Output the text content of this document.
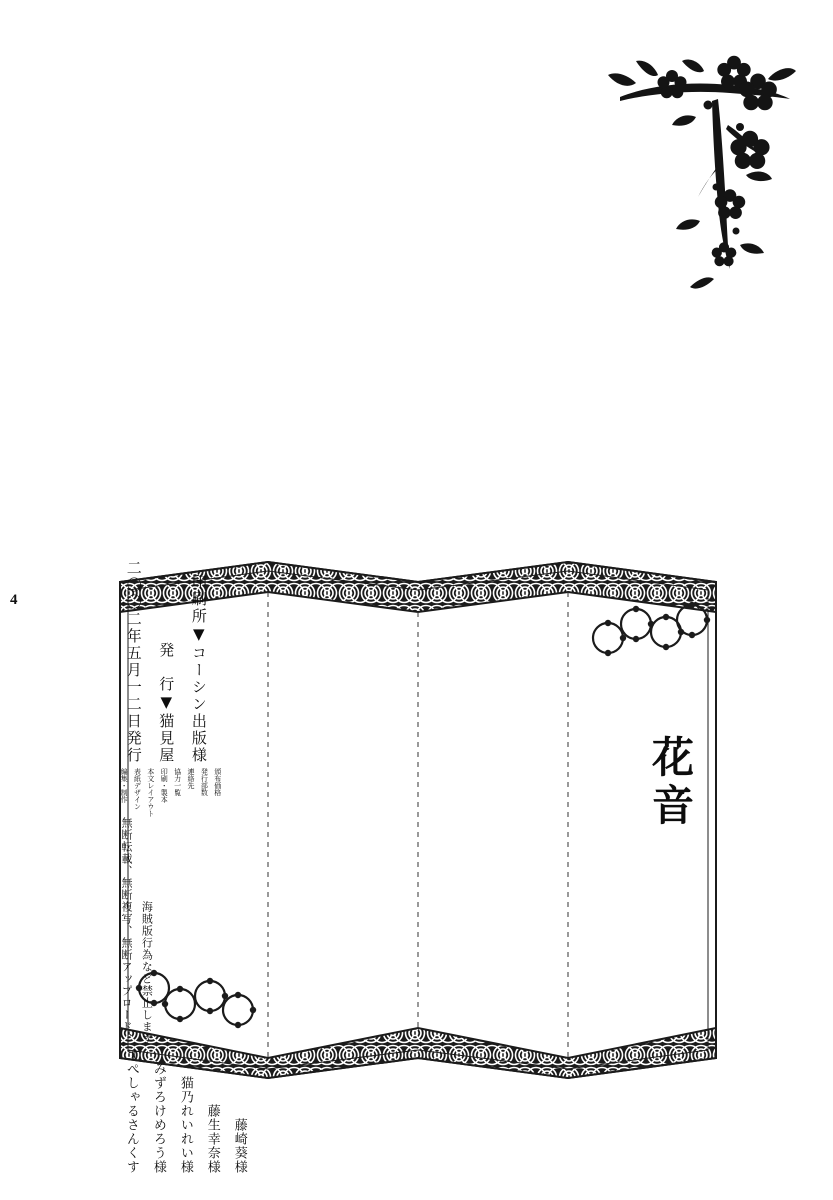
4
花音
二〇〇二年五月一二日発行 発　行▼猫見屋 印刷所▼コーシン出版様
編集・制作 表紙デザイン 本文レイアウト 印刷・製本 協力一覧 連絡先 発行部数 頒布価格
無断転載、無断複写、無断アップロード、 海賊版行為など禁止します
すぺしゃるさんくす みずろけめろう様 猫乃れいれい様 藤生幸奈様 藤崎葵様
